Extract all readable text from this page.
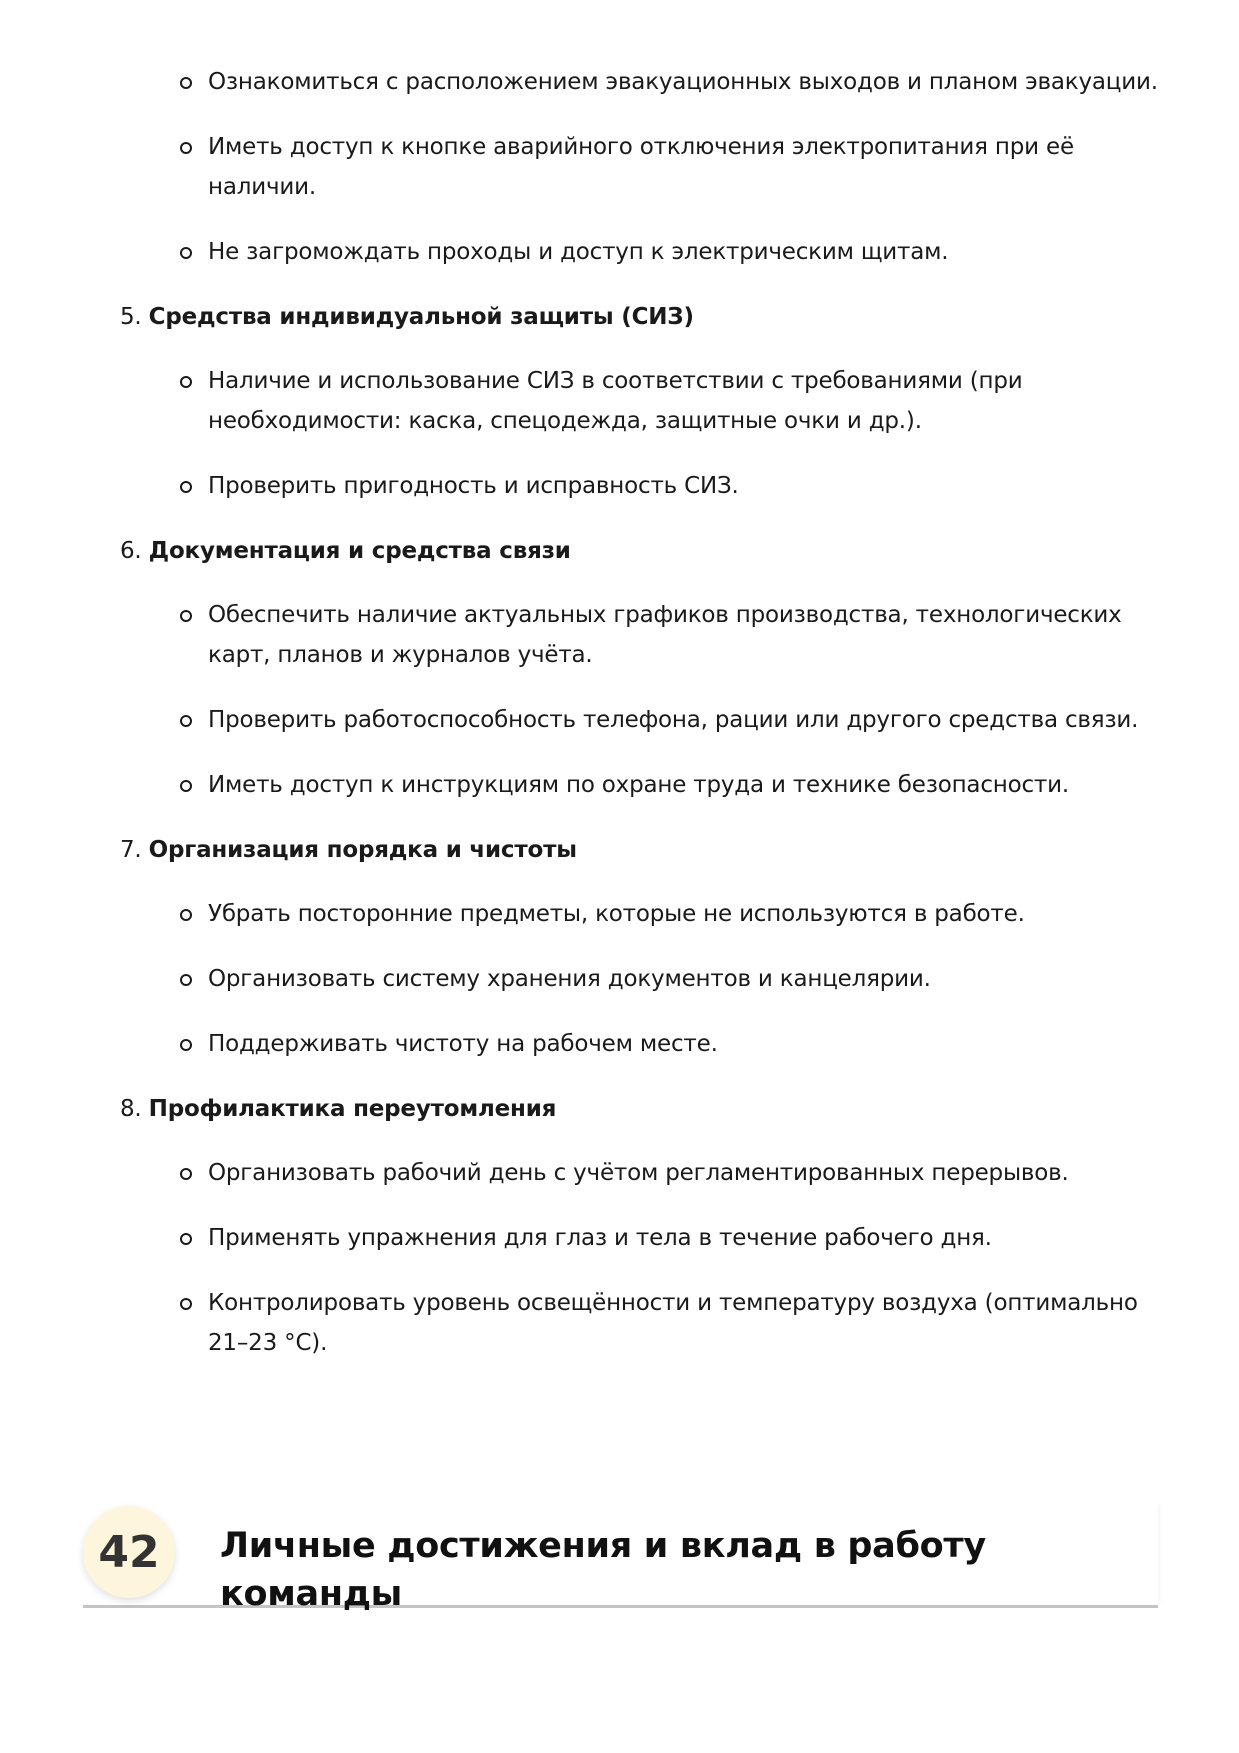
Ознакомиться с расположением эвакуационных выходов и планом эвакуации.
Иметь доступ к кнопке аварийного отключения электропитания при её наличии.
Не загромождать проходы и доступ к электрическим щитам.
5. Средства индивидуальной защиты (СИЗ)
Наличие и использование СИЗ в соответствии с требованиями (при необходимости: каска, спецодежда, защитные очки и др.).
Проверить пригодность и исправность СИЗ.
6. Документация и средства связи
Обеспечить наличие актуальных графиков производства, технологических карт, планов и журналов учёта.
Проверить работоспособность телефона, рации или другого средства связи.
Иметь доступ к инструкциям по охране труда и технике безопасности.
7. Организация порядка и чистоты
Убрать посторонние предметы, которые не используются в работе.
Организовать систему хранения документов и канцелярии.
Поддерживать чистоту на рабочем месте.
8. Профилактика переутомления
Организовать рабочий день с учётом регламентированных перерывов.
Применять упражнения для глаз и тела в течение рабочего дня.
Контролировать уровень освещённости и температуру воздуха (оптимально 21–23 °C).
42	Личные достижения и вклад в работу команды
